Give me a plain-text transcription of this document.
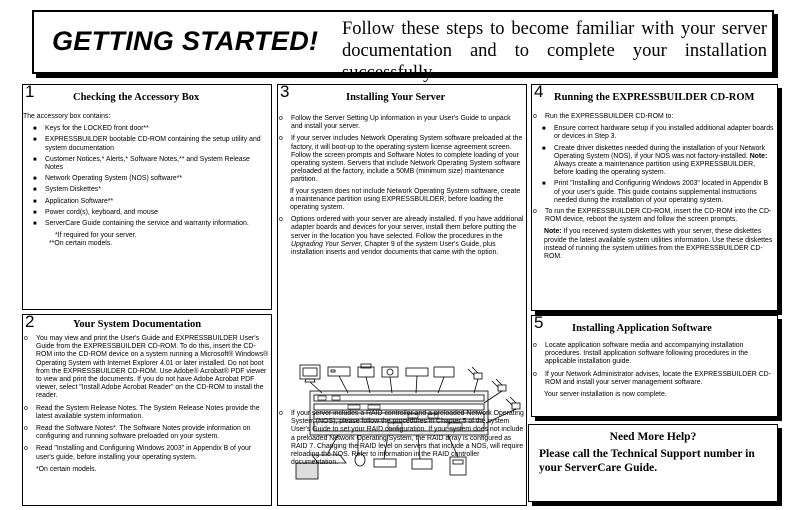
GETTING STARTED! Follow these steps to become familiar with your server documentation and to complete your installation successfully.
1	Checking the Accessory Box

The accessory box contains:

■	Keys for the LOCKED front door**
■	EXPRESSBUILDER bootable CD-ROM containing the setup utility and system documentation
■	Customer Notices,* Alerts,* Software Notes,** and System Release Notes
■	Network Operating System (NOS) software**
■	System Diskettes*
■	Application Software**
■	Power cord(s), keyboard, and mouse
■	ServerCare Guide containing the service and warranty information.
*If required for your server.
**On certain models.
2	Your System Documentation
o	You may view and print the User's Guide and EXPRESSBUILDER User's Guide from the EXPRESSBUILDER CD-ROM. To do this, insert the CD-ROM into the CD-ROM device on a system running a Microsoft® Windows® Operating System with Internet Explorer 4.01 or later installed. Do not boot from the EXPRESSBUILDER CD-ROM. Use Adobe® Acrobat® PDF viewer to view and print the documents. If you do not have Adobe Acrobat PDF viewer, select "Install Adobe Acrobat Reader" on the CD-ROM to install the reader.
o	Read the System Release Notes. The System Release Notes provide the latest available system information.
o	Read the Software Notes*. The Software Notes provide information on configuring and running software preloaded on your system.
o	Read "Installing and Configuring Windows 2003" in Appendix B of your user's guide, before installing your operating system.
*On certain models.
3	Installing Your Server
o	Follow the Server Setting Up information in your User's Guide to unpack and install your server.
o	If your server includes Network Operating System software preloaded at the factory, it will boot-up to the operating system license agreement screen. Follow the screen prompts and Software Notes to complete loading of your operating system. Servers that include Network Operating System software preloaded at the factory, include a 50MB (minimum size) maintenance partition.

If your system does not include Network Operating System software, create a maintenance partition using EXPRESSBUILDER, before loading the operating system.

o	Options ordered with your server are already installed. If you have additional adapter boards and devices for your server, install them before putting the server in the location you have selected. Follow the procedures in the Upgrading Your Server, Chapter 9 of the system User's Guide, plus installation inserts and vendor documents that came with the option.
o	If your server includes a RAID controller and a preloaded Network Operating System (NOS), please follow the procedures in Chapter 5 of the system User's Guide to set your RAID configuration. If your system does not include a preloaded Network Operating System, the RAID array is configured as RAID 7. Changing the RAID level on servers that include a NOS, will require reloading the NOS. Refer to information in the RAID controller documentation.
4 Running the EXPRESSBUILDER CD-ROM
o	Run the EXPRESSBUILDER CD-ROM to:
■	Ensure correct hardware setup if you installed additional adapter boards or devices in Step 3.
■	Create driver diskettes needed during the installation of your Network Operating System (NOS), if your NOS was not factory-installed. Note: Always create a maintenance partition using EXPRESSBUILDER, before loading the operating system.
■	Print "Installing and Configuring Windows 2003" located in Appendix B of your user's guide. This guide contains supplemental instructions needed during the installation of your operating system.
o	To run the EXPRESSBUILDER CD-ROM, insert the CD-ROM into the CD-ROM device, reboot the system and follow the screen prompts.

Note: If you received system diskettes with your server, these diskettes provide the latest available system utilities information. Use these diskettes instead of running the system utilities from the EXPRESSBUILDER CD-ROM.

5	Installing Application Software
o	Locate application software media and accompanying installation procedures. Install application software following procedures in the applicable installation guide.
o	If your Network Administrator advises, locate the EXPRESSBUILDER CD-ROM and install your server management software.

Your server installation is now complete.

Need More Help?
Please call the Technical Support number in your ServerCare Guide.
